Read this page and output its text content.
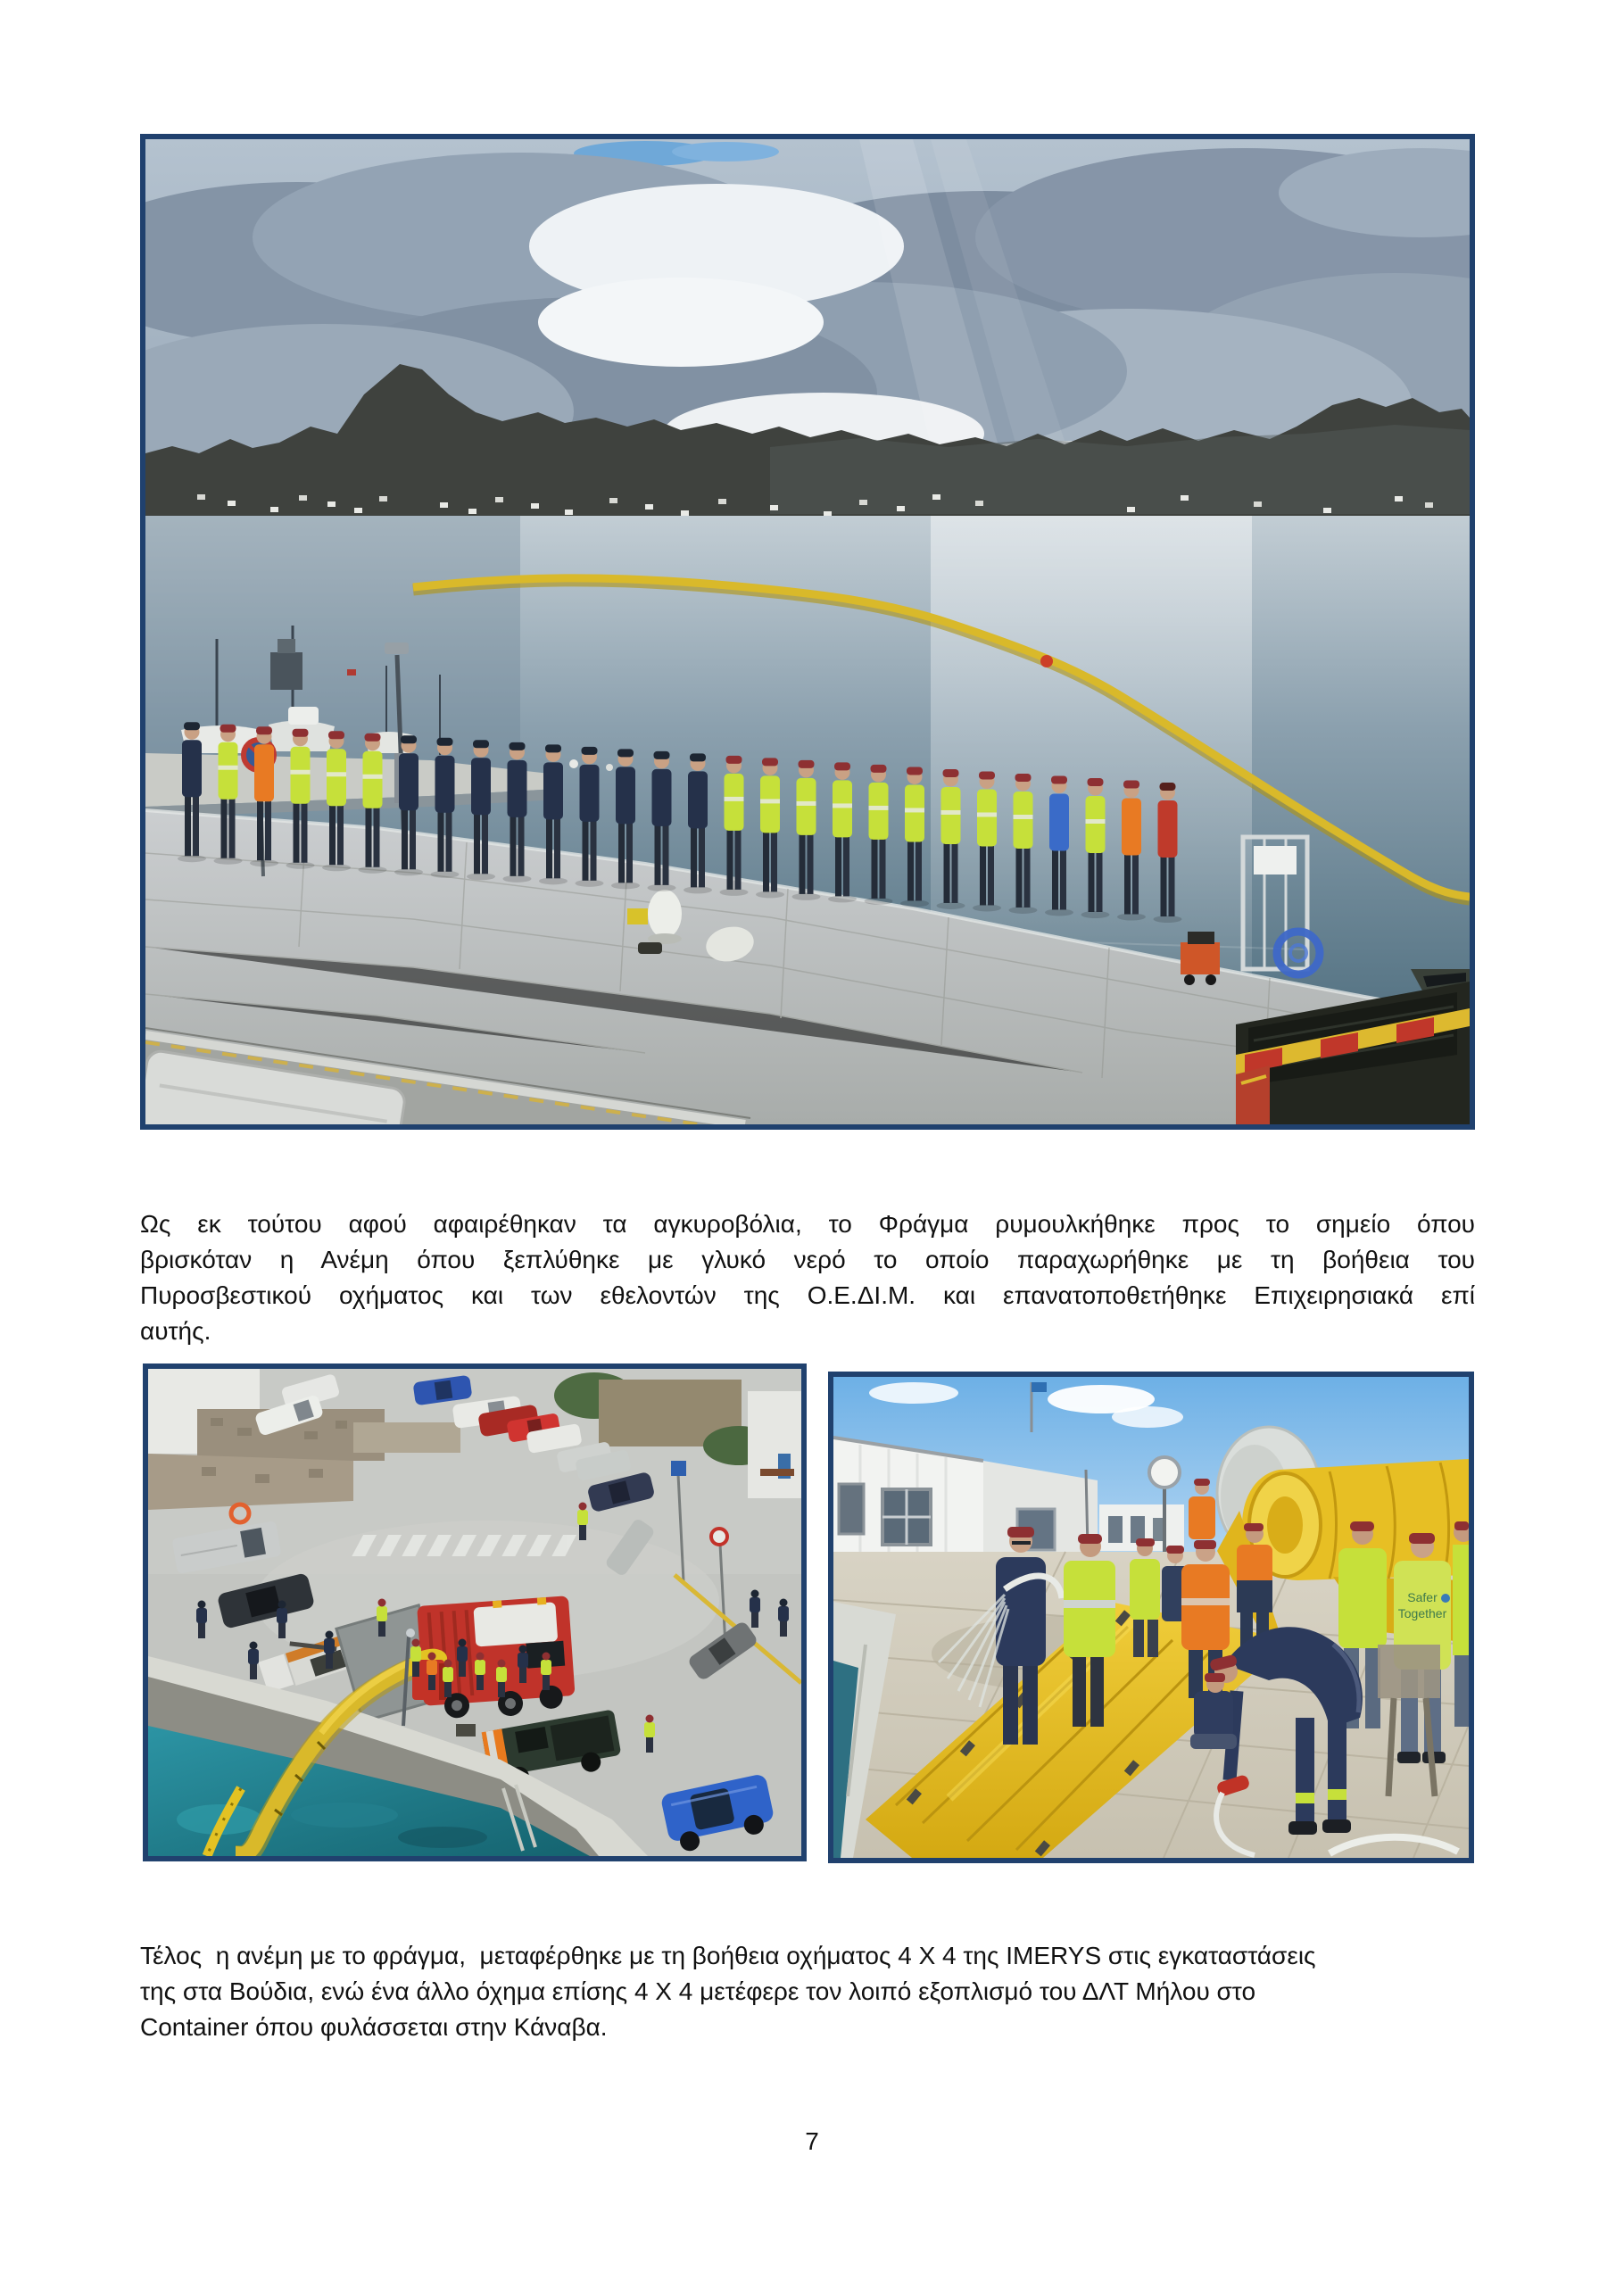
Ως εκ τούτου αφού αφαιρέθηκαν τα αγκυροβόλια, το Φράγμα ρυμουλκήθηκε προς το σημείο όπου
βρισκόταν η Ανέμη όπου ξεπλύθηκε με γλυκό νερό το οποίο παραχωρήθηκε με τη βοήθεια του
Πυροσβεστικού οχήματος και των εθελοντών της Ο.Ε.ΔΙ.Μ. και επανατοποθετήθηκε Επιχειρησιακά επί
αυτής.
Safer
Together
Τέλος  η ανέμη με το φράγμα,  μεταφέρθηκε με τη βοήθεια οχήματος 4 Χ 4 της IMERYS στις εγκαταστάσεις
της στα Βούδια, ενώ ένα άλλο όχημα επίσης 4 Χ 4 μετέφερε τον λοιπό εξοπλισμό του ΔΛΤ Μήλου στο
Container όπου φυλάσσεται στην Κάναβα.
7
